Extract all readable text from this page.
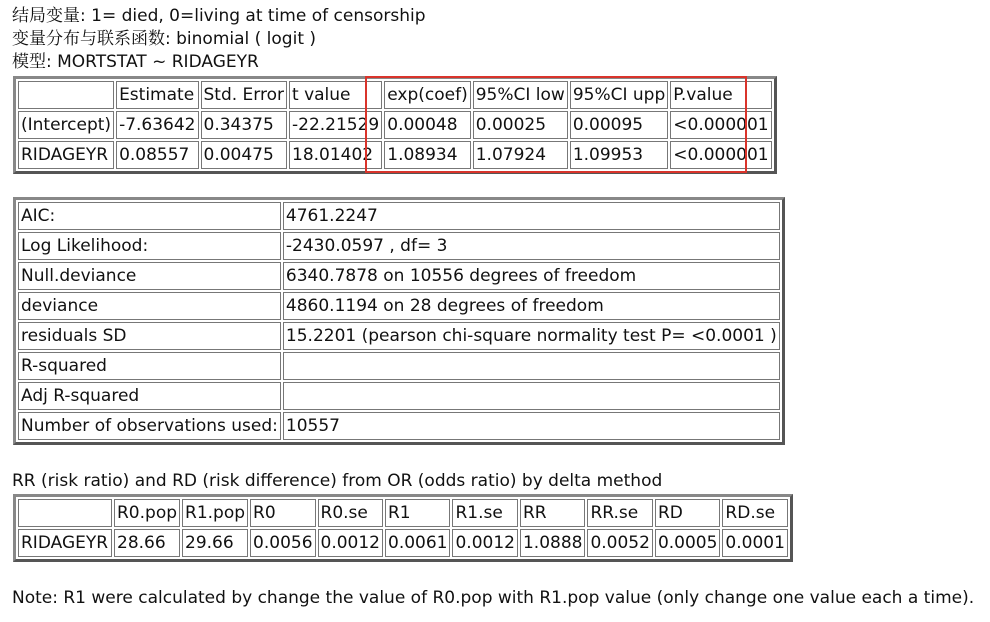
结局变量: 1= died, 0=living at time of censorship
变量分布与联系函数: binomial ( logit )
模型: MORTSTAT ~ RIDAGEYR
	Estimate	Std. Error	t value	exp(coef)	95%CI low	95%CI upp	P.value
(Intercept)	-7.63642	0.34375	-22.21529	0.00048	0.00025	0.00095	<0.000001
RIDAGEYR	0.08557	0.00475	18.01402	1.08934	1.07924	1.09953	<0.000001
AIC:	4761.2247
Log Likelihood:	-2430.0597 , df= 3
Null.deviance	6340.7878 on 10556 degrees of freedom
deviance	4860.1194 on 28 degrees of freedom
residuals SD	15.2201 (pearson chi-square normality test P= <0.0001 )
R-squared	
Adj R-squared	
Number of observations used:	10557
RR (risk ratio) and RD (risk difference) from OR (odds ratio) by delta method
	R0.pop	R1.pop	R0	R0.se	R1	R1.se	RR	RR.se	RD	RD.se
RIDAGEYR	28.66	29.66	0.0056	0.0012	0.0061	0.0012	1.0888	0.0052	0.0005	0.0001
Note: R1 were calculated by change the value of R0.pop with R1.pop value (only change one value each a time).
